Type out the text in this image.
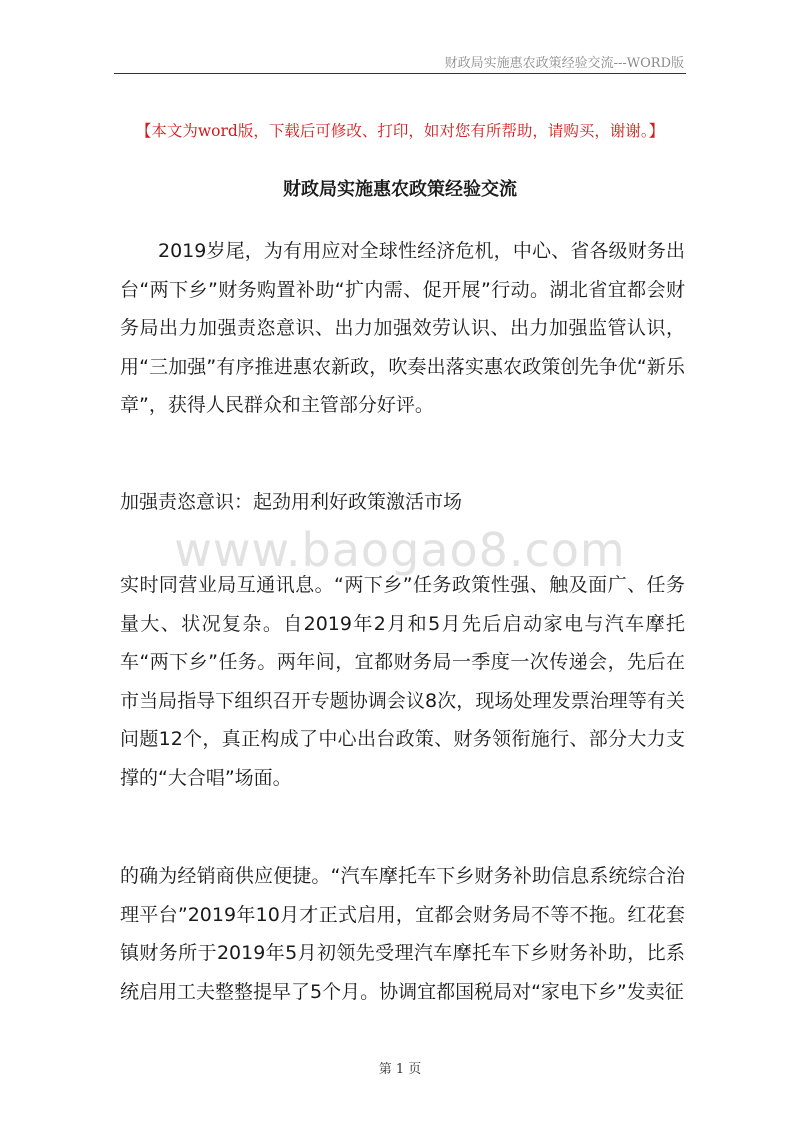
财政局实施惠农政策经验交流---WORD版
【本文为word版，下载后可修改、打印，如对您有所帮助，请购买，谢谢。】
财政局实施惠农政策经验交流
2019岁尾，为有用应对全球性经济危机，中心、省各级财务出台“两下乡”财务购置补助“扩内需、促开展”行动。湖北省宜都会财务局出力加强责恣意识、出力加强效劳认识、出力加强监管认识，用“三加强”有序推进惠农新政，吹奏出落实惠农政策创先争优“新乐章”，获得人民群众和主管部分好评。
加强责恣意识：起劲用利好政策激活市场
www.baogao8.com
实时同营业局互通讯息。“两下乡”任务政策性强、触及面广、任务量大、状况复杂。自2019年2月和5月先后启动家电与汽车摩托车“两下乡”任务。两年间，宜都财务局一季度一次传递会，先后在市当局指导下组织召开专题协调会议8次，现场处理发票治理等有关问题12个，真正构成了中心出台政策、财务领衔施行、部分大力支撑的“大合唱”场面。
的确为经销商供应便捷。“汽车摩托车下乡财务补助信息系统综合治理平台”2019年10月才正式启用，宜都会财务局不等不拖。红花套镇财务所于2019年5月初领先受理汽车摩托车下乡财务补助，比系统启用工夫整整提早了5个月。协调宜都国税局对“家电下乡”发卖征
第 1 页
